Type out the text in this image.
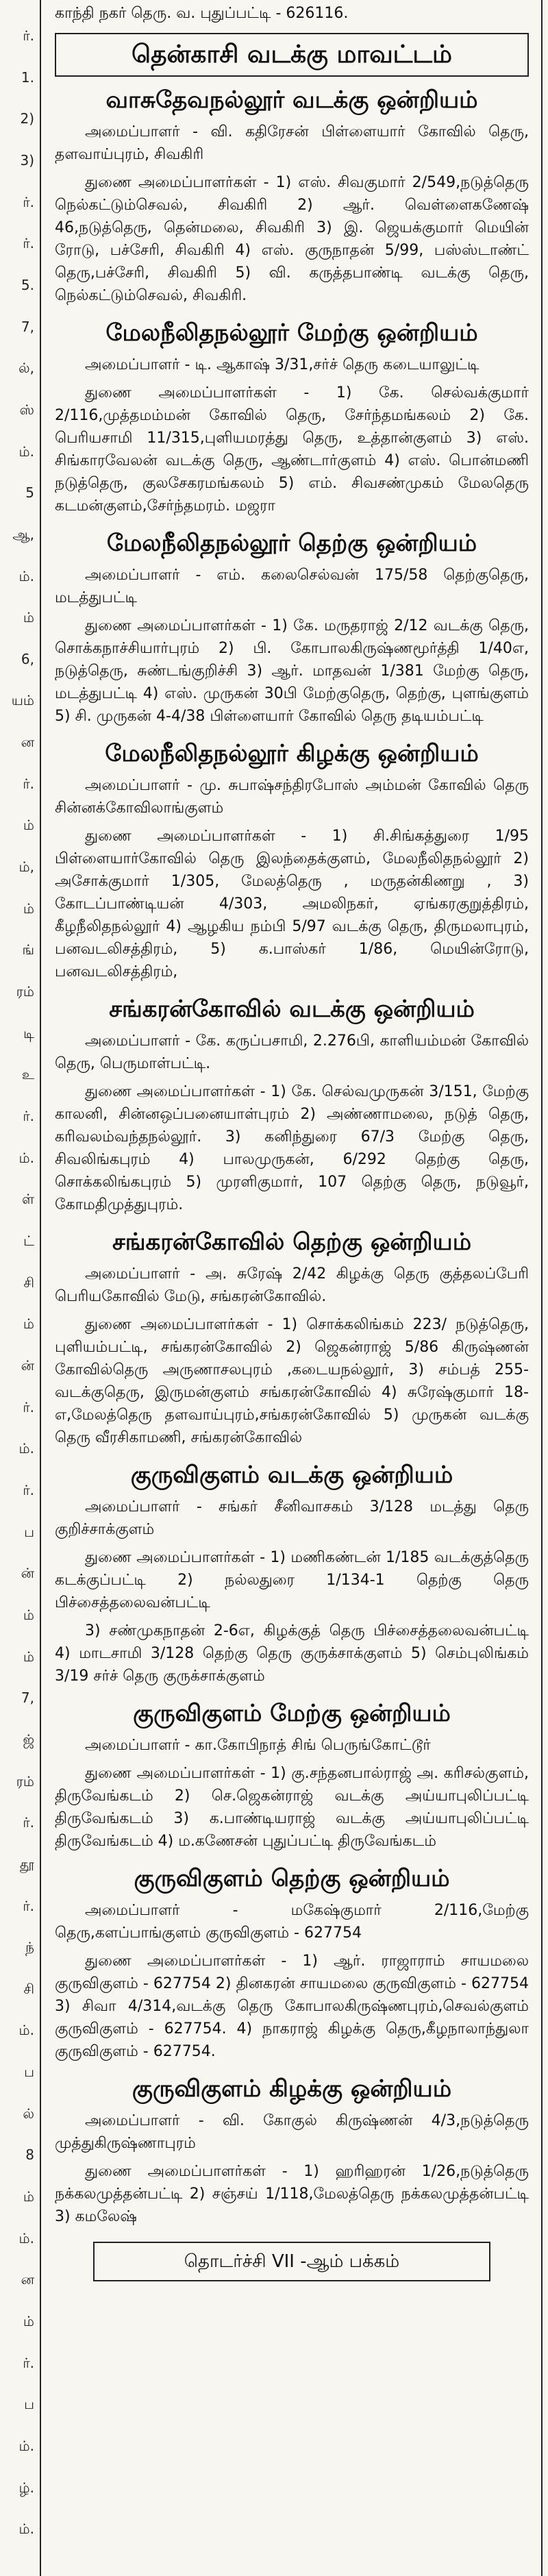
ர்.
1.
2)
3)
ர்.
ர்.
5.
7,
ல்,
ஸ்
ம்.
5
ஆ,
ம்.
ம்
6,
யம்
ன
ர்.
ம்
ம்,
ம்
ங்
ரம்
டி
உ
ர்.
ம்.
ள்
ட்
சி
ம்
ன்
ர்.
ம்.
ர்.
ப
ன்
ம்
ம்
7,
ஜ்
ரம்
ர்.
தூ
ர்.
ந்
சி
ம்.
ப
ல்
8
ம்
ம்.
ன
ம்
ர்.
ப
ம்.
ழ்.
ம்.
காந்தி நகர் தெரு. வ. புதுப்பட்டி - 626116.
தென்காசி வடக்கு மாவட்டம்
வாசுதேவநல்லூர் வடக்கு ஒன்றியம்

அமைப்பாளர் - வி. கதிரேசன் பிள்ளையார் கோவில் தெரு, தளவாய்புரம், சிவகிரி

துணை அமைப்பாளர்கள் - 1) எஸ். சிவகுமார் 2/549,நடுத்தெரு நெல்கட்டும்செவல், சிவகிரி 2) ஆர். வெள்ளைகணேஷ் 46,நடுத்தெரு, தென்மலை, சிவகிரி 3) இ. ஜெயக்குமார் மெயின் ரோடு, பச்சேரி, சிவகிரி 4) எஸ். குருநாதன் 5/99, பஸ்ஸ்டாண்ட் தெரு,பச்சேரி, சிவகிரி 5) வி. கருத்தபாண்டி வடக்கு தெரு, நெல்கட்டும்செவல், சிவகிரி.

மேலநீலிதநல்லூர் மேற்கு ஒன்றியம்

அமைப்பாளர் - டி. ஆகாஷ் 3/31,சர்ச் தெரு கடையாலுட்டி

துணை அமைப்பாளர்கள் - 1) கே. செல்வக்குமார் 2/116,முத்தமம்மன் கோவில் தெரு, சேர்ந்தமங்கலம் 2) கே. பெரியசாமி 11/315,புளியமரத்து தெரு, உத்தான்குளம் 3) எஸ். சிங்காரவேலன் வடக்கு தெரு, ஆண்டார்குளம் 4) எஸ். பொன்மணி நடுத்தெரு, குலசேகரமங்கலம் 5) எம். சிவசண்முகம் மேலதெரு கடமன்குளம்,சேர்ந்தமரம். மஜரா

மேலநீலிதநல்லூர் தெற்கு ஒன்றியம்

அமைப்பாளர் - எம். கலைசெல்வன் 175/58 தெற்குதெரு, மடத்துபட்டி

துணை அமைப்பாளர்கள் - 1) கே. மருதராஜ் 2/12 வடக்கு தெரு, சொக்கநாச்சியார்புரம் 2) பி. கோபாலகிருஷ்ணமூர்த்தி 1/40எ, நடுத்தெரு, சுண்டங்குறிச்சி 3) ஆர். மாதவன் 1/381 மேற்கு தெரு, மடத்துபட்டி 4) எஸ். முருகன் 30பி மேற்குதெரு, தெற்கு, புளங்குளம் 5) சி. முருகன் 4-4/38 பிள்ளையார் கோவில் தெரு தடியம்பட்டி

மேலநீலிதநல்லூர் கிழக்கு ஒன்றியம்

அமைப்பாளர் - மு. சுபாஷ்சந்திரபோஸ் அம்மன் கோவில் தெரு சின்னக்கோவிலாங்குளம்

துணை அமைப்பாளர்கள் - 1) சி.சிங்கத்துரை 1/95 பிள்ளையார்கோவில் தெரு இலந்தைக்குளம், மேலநீலிதநல்லூர் 2) அசோக்குமார் 1/305, மேலத்தெரு , மருதன்கிணறு , 3) கோடப்பாண்டியன் 4/303, அமலிநகர், ஏங்கரகுறுத்திரம், கீழநீலிதநல்லூர் 4) ஆழகிய நம்பி 5/97 வடக்கு தெரு, திருமலாபுரம், பனவடலிசத்திரம், 5) க.பாஸ்கர் 1/86, மெயின்ரோடு, பனவடலிசத்திரம்,

சங்கரன்கோவில் வடக்கு ஒன்றியம்

அமைப்பாளர் - கே. கருப்பசாமி, 2.276பி, காளியம்மன் கோவில் தெரு, பெருமாள்பட்டி.

துணை அமைப்பாளர்கள் - 1) கே. செல்வமுருகன் 3/151, மேற்கு காலனி, சின்னஒப்பனையாள்புரம் 2) அண்ணாமலை, நடுத் தெரு, கரிவலம்வந்தநல்லூர். 3) கனிந்துரை 67/3 மேற்கு தெரு, சிவலிங்கபுரம் 4) பாலமுருகன், 6/292 தெற்கு தெரு, சொக்கலிங்கபுரம் 5) முரளிகுமார், 107 தெற்கு தெரு, நடுவூர், கோமதிமுத்துபுரம்.

சங்கரன்கோவில் தெற்கு ஒன்றியம்

அமைப்பாளர் - அ. சுரேஷ் 2/42 கிழக்கு தெரு குத்தலப்பேரி பெரியகோவில் மேடு, சங்கரன்கோவில்.

துணை அமைப்பாளர்கள் - 1) சொக்கலிங்கம் 223/ நடுத்தெரு, புளியம்பட்டி, சங்கரன்கோவில் 2) ஜெகன்ராஜ் 5/86 கிருஷ்ணன் கோவில்தெரு அருணாசலபுரம் ,கடையநல்லூர், 3) சம்பத் 255-வடக்குதெரு, இருமன்குளம் சங்கரன்கோவில் 4) சுரேஷ்குமார் 18-எ,மேலத்தெரு தளவாய்புரம்,சங்கரன்கோவில் 5) முருகன் வடக்கு தெரு வீரசிகாமணி, சங்கரன்கோவில்

குருவிகுளம் வடக்கு ஒன்றியம்

அமைப்பாளர் - சங்கர் சீனிவாசகம் 3/128 மடத்து தெரு குறிச்சாக்குளம்

துணை அமைப்பாளர்கள் - 1) மணிகண்டன் 1/185 வடக்குத்தெரு கடக்குப்பட்டி 2) நல்லதுரை 1/134-1 தெற்கு தெரு பிச்சைத்தலைவன்பட்டி

3) சண்முகநாதன் 2-6எ, கிழக்குத் தெரு பிச்சைத்தலைவன்பட்டி 4) மாடசாமி 3/128 தெற்கு தெரு குருக்சாக்குளம் 5) செம்புலிங்கம் 3/19 சர்ச் தெரு குருக்சாக்குளம்

குருவிகுளம் மேற்கு ஒன்றியம்

அமைப்பாளர் - கா.கோபிநாத் சிங் பெருங்கோட்டூர்

துணை அமைப்பாளர்கள் - 1) கு.சந்தனபால்ராஜ் அ. கரிசல்குளம், திருவேங்கடம் 2) செ.ஜெகன்ராஜ் வடக்கு அய்யாபுலிப்பட்டி திருவேங்கடம் 3) க.பாண்டியராஜ் வடக்கு அய்யாபுலிப்பட்டி திருவேங்கடம் 4) ம.கணேசன் புதுப்பட்டி திருவேங்கடம்

குருவிகுளம் தெற்கு ஒன்றியம்

அமைப்பாளர் - மகேஷ்குமார் 2/116,மேற்கு தெரு,களப்பாங்குளம் குருவிகுளம் - 627754

துணை அமைப்பாளர்கள் - 1) ஆர். ராஜாராம் சாயமலை குருவிகுளம் - 627754 2) தினகரன் சாயமலை குருவிகுளம் - 627754 3) சிவா 4/314,வடக்கு தெரு கோபாலகிருஷ்ணபுரம்,செவல்குளம் குருவிகுளம் - 627754. 4) நாகராஜ் கிழக்கு தெரு,கீழநாலாந்துலா குருவிகுளம் - 627754.

குருவிகுளம் கிழக்கு ஒன்றியம்

அமைப்பாளர் - வி. கோகுல் கிருஷ்ணன் 4/3,நடுத்தெரு முத்துகிருஷ்ணாபுரம்

துணை அமைப்பாளர்கள் - 1) ஹரிஹரன் 1/26,நடுத்தெரு நக்கலமுத்தன்பட்டி 2) சஞ்சய் 1/118,மேலத்தெரு நக்கலமுத்தன்பட்டி 3) கமலேஷ்

தொடர்ச்சி VII -ஆம் பக்கம்
